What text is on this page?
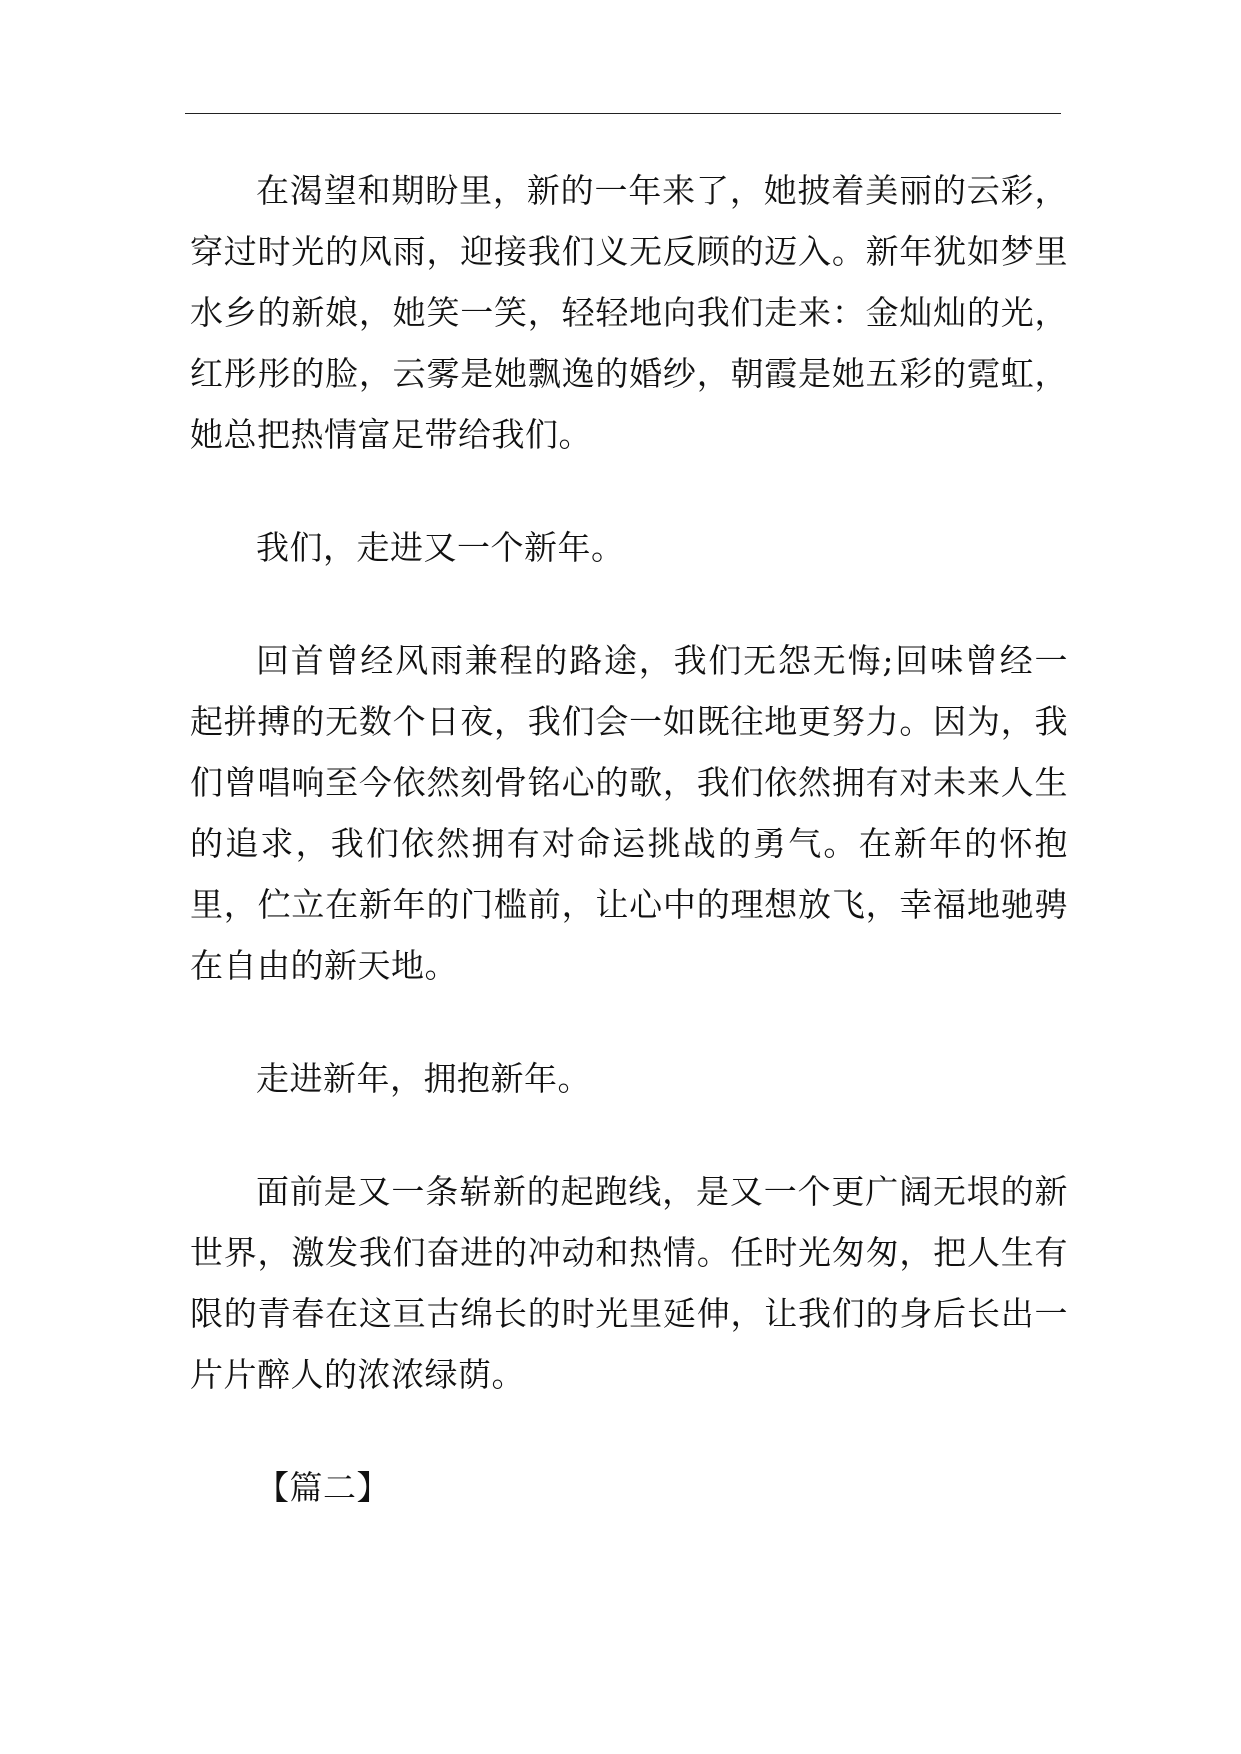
在渴望和期盼里，新的一年来了，她披着美丽的云彩，穿过时光的风雨，迎接我们义无反顾的迈入。新年犹如梦里水乡的新娘，她笑一笑，轻轻地向我们走来：金灿灿的光，红彤彤的脸，云雾是她飘逸的婚纱，朝霞是她五彩的霓虹，她总把热情富足带给我们。

我们，走进又一个新年。

回首曾经风雨兼程的路途，我们无怨无悔;回味曾经一起拼搏的无数个日夜，我们会一如既往地更努力。因为，我们曾唱响至今依然刻骨铭心的歌，我们依然拥有对未来人生的追求，我们依然拥有对命运挑战的勇气。在新年的怀抱里，伫立在新年的门槛前，让心中的理想放飞，幸福地驰骋在自由的新天地。

走进新年，拥抱新年。

面前是又一条崭新的起跑线，是又一个更广阔无垠的新世界，激发我们奋进的冲动和热情。任时光匆匆，把人生有限的青春在这亘古绵长的时光里延伸，让我们的身后长出一片片醉人的浓浓绿荫。

【篇二】
